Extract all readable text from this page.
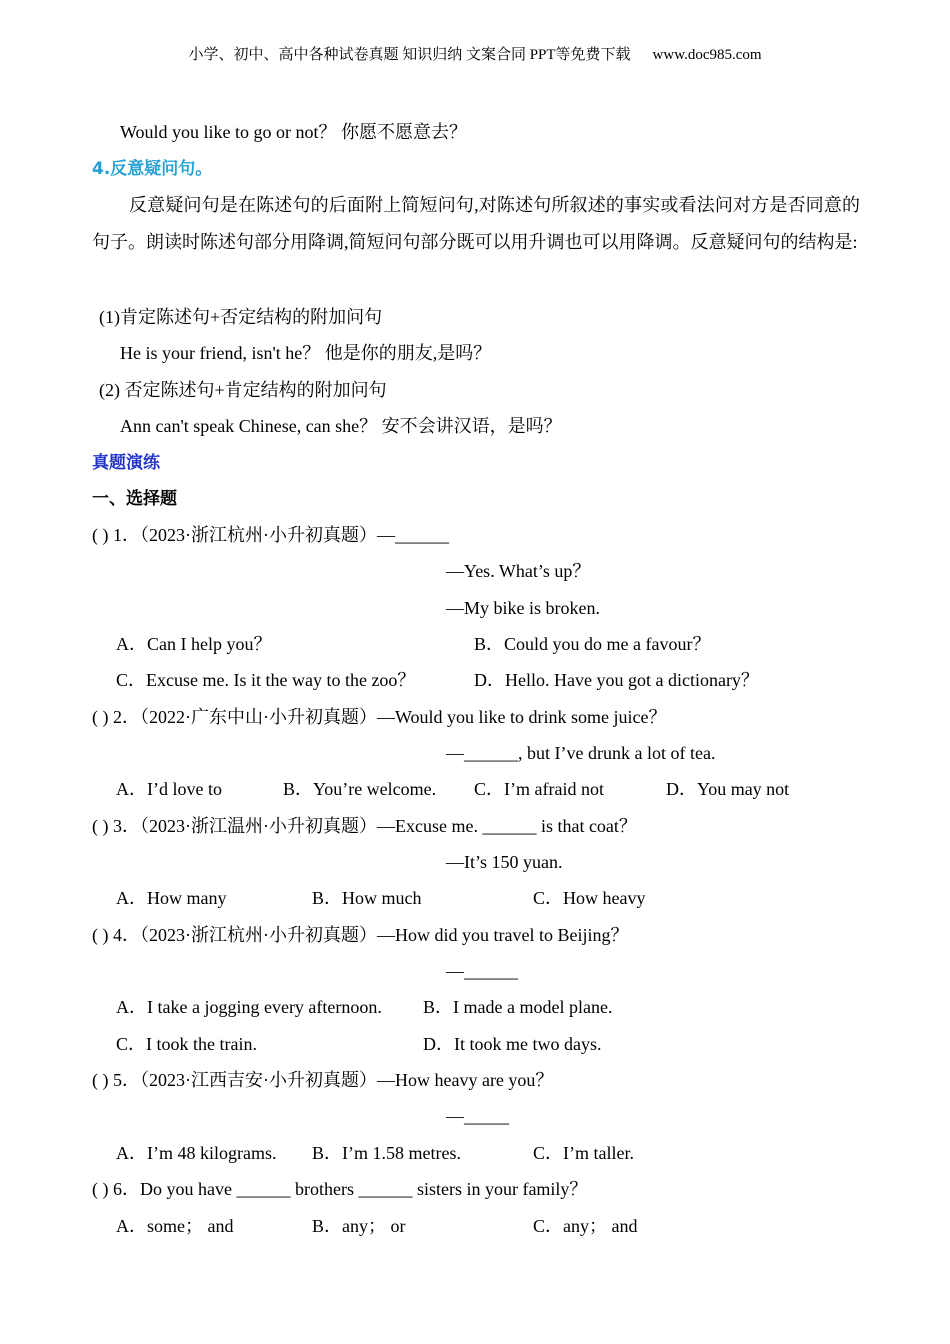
小学、初中、高中各种试卷真题 知识归纳 文案合同 PPT等免费下载 www.doc985.com
Would you like to go or not？ 你愿不愿意去？
4.反意疑问句。
反意疑问句是在陈述句的后面附上简短问句,对陈述句所叙述的事实或看法问对方是否同意的句子。朗读时陈述句部分用降调,简短问句部分既可以用升调也可以用降调。反意疑问句的结构是:
(1)肯定陈述句+否定结构的附加问句
He is your friend, isn't he？ 他是你的朋友,是吗？
(2) 否定陈述句+肯定结构的附加问句
Ann can't speak Chinese, can she？ 安不会讲汉语，是吗？
真题演练
一、选择题
( ) 1．（2023·浙江杭州·小升初真题）—______
—Yes. What’s up？
—My bike is broken.
A．Can I help you？	B．Could you do me a favour？
C．Excuse me. Is it the way to the zoo？	D．Hello. Have you got a dictionary？
( ) 2．（2022·广东中山·小升初真题）—Would you like to drink some juice？
—______, but I’ve drunk a lot of tea.
A．I’d love to	B．You’re welcome. C．I’m afraid not	D．You may not
( ) 3．（2023·浙江温州·小升初真题）—Excuse me. ______ is that coat？
—It’s 150 yuan.
A．How many	B．How much	C．How heavy
( ) 4．（2023·浙江杭州·小升初真题）—How did you travel to Beijing？
—______
A．I take a jogging every afternoon. B．I made a model plane.
C．I took the train.	D．It took me two days.
( ) 5．（2023·江西吉安·小升初真题）—How heavy are you？
—_____
A．I’m 48 kilograms. B．I’m 1.58 metres.	C．I’m taller.
( ) 6．Do you have ______ brothers ______ sisters in your family？
A．some； and	B．any； or	C．any； and
